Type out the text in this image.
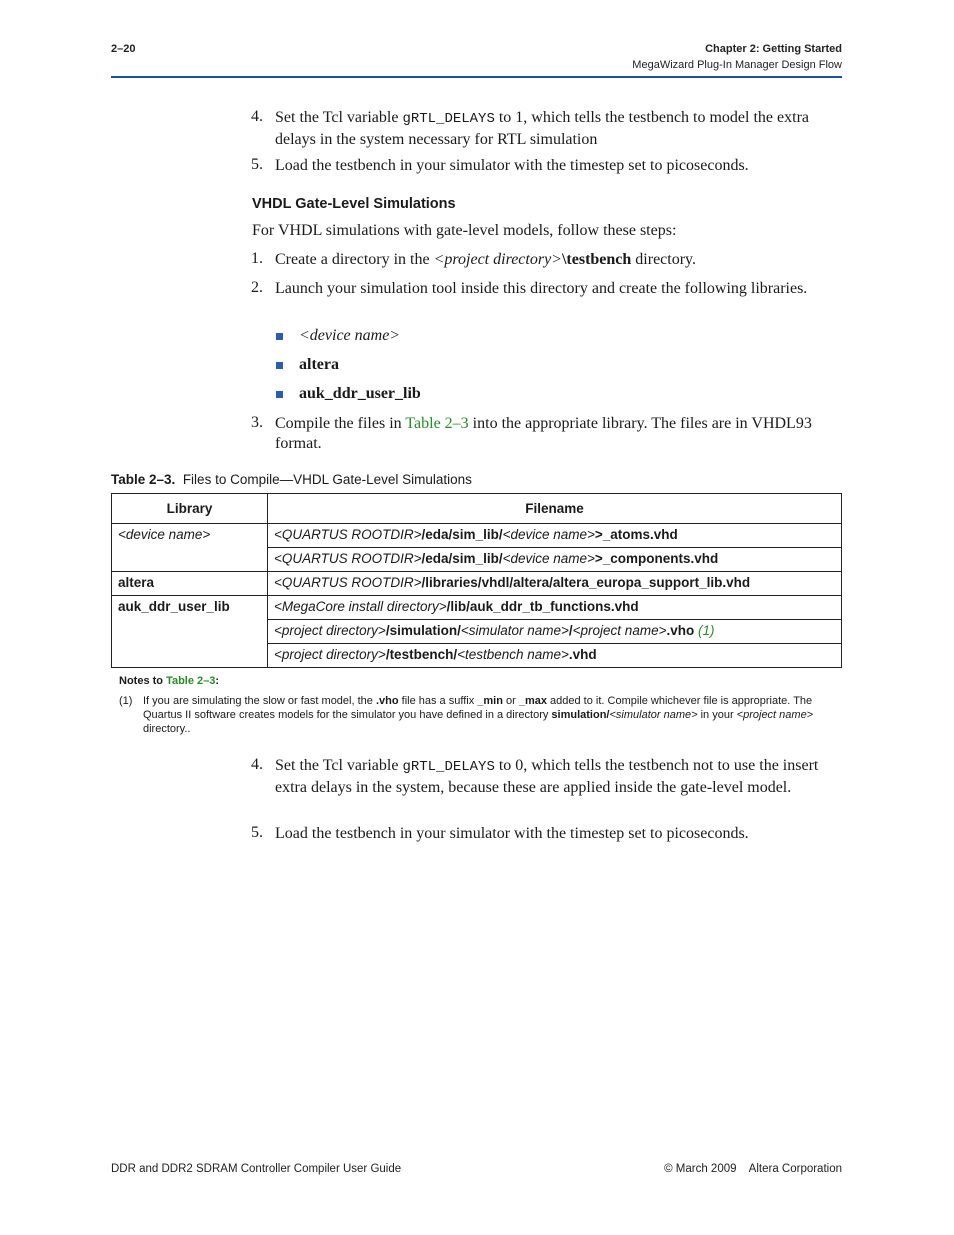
2–20	Chapter 2: Getting Started
MegaWizard Plug-In Manager Design Flow
4. Set the Tcl variable gRTL_DELAYS to 1, which tells the testbench to model the extra delays in the system necessary for RTL simulation
5. Load the testbench in your simulator with the timestep set to picoseconds.
VHDL Gate-Level Simulations
For VHDL simulations with gate-level models, follow these steps:
1. Create a directory in the <project directory>\testbench directory.
2. Launch your simulation tool inside this directory and create the following libraries.
<device name>
altera
auk_ddr_user_lib
3. Compile the files in Table 2–3 into the appropriate library. The files are in VHDL93 format.
Table 2–3. Files to Compile—VHDL Gate-Level Simulations
Library	Filename
<device name>	<QUARTUS ROOTDIR>/eda/sim_lib/<device name>>_atoms.vhd
	<QUARTUS ROOTDIR>/eda/sim_lib/<device name>>_components.vhd
altera	<QUARTUS ROOTDIR>/libraries/vhdl/altera/altera_europa_support_lib.vhd
auk_ddr_user_lib	<MegaCore install directory>/lib/auk_ddr_tb_functions.vhd
	<project directory>/simulation/<simulator name>/<project name>.vho (1)
	<project directory>/testbench/<testbench name>.vhd
Notes to Table 2–3:
(1) If you are simulating the slow or fast model, the .vho file has a suffix _min or _max added to it. Compile whichever file is appropriate. The Quartus II software creates models for the simulator you have defined in a directory simulation/<simulator name> in your <project name> directory..
4. Set the Tcl variable gRTL_DELAYS to 0, which tells the testbench not to use the insert extra delays in the system, because these are applied inside the gate-level model.
5. Load the testbench in your simulator with the timestep set to picoseconds.
DDR and DDR2 SDRAM Controller Compiler User Guide	© March 2009 Altera Corporation
